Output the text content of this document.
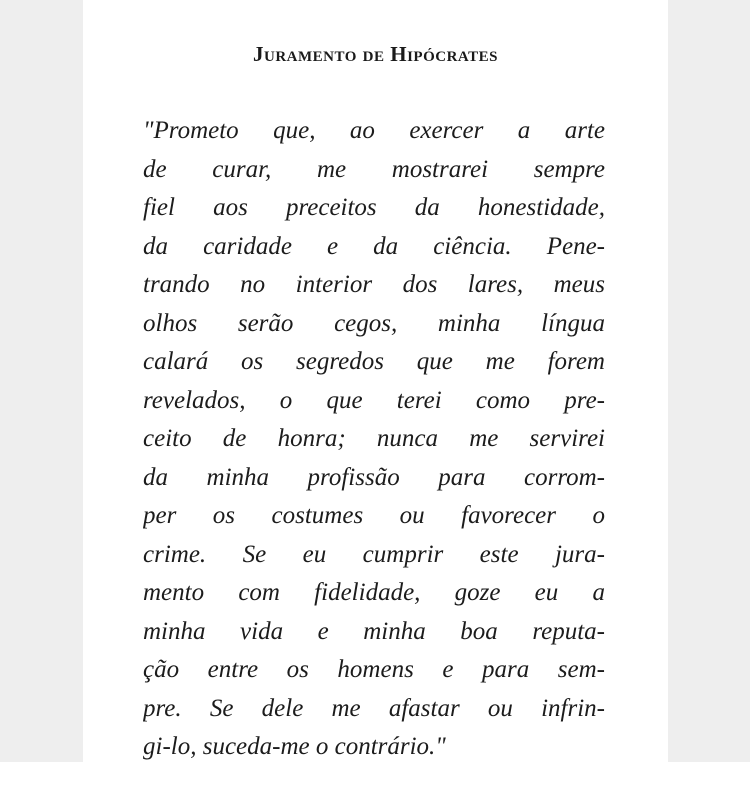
Juramento de Hipócrates
"Prometo que, ao exercer a arte
de curar, me mostrarei sempre
fiel aos preceitos da honestidade,
da caridade e da ciência. Pene-
trando no interior dos lares, meus
olhos serão cegos, minha língua
calará os segredos que me forem
revelados, o que terei como pre-
ceito de honra; nunca me servirei
da minha profissão para corrom-
per os costumes ou favorecer o
crime. Se eu cumprir este jura-
mento com fidelidade, goze eu a
minha vida e minha boa reputa-
ção entre os homens e para sem-
pre. Se dele me afastar ou infrin-
gi-lo, suceda-me o contrário."
